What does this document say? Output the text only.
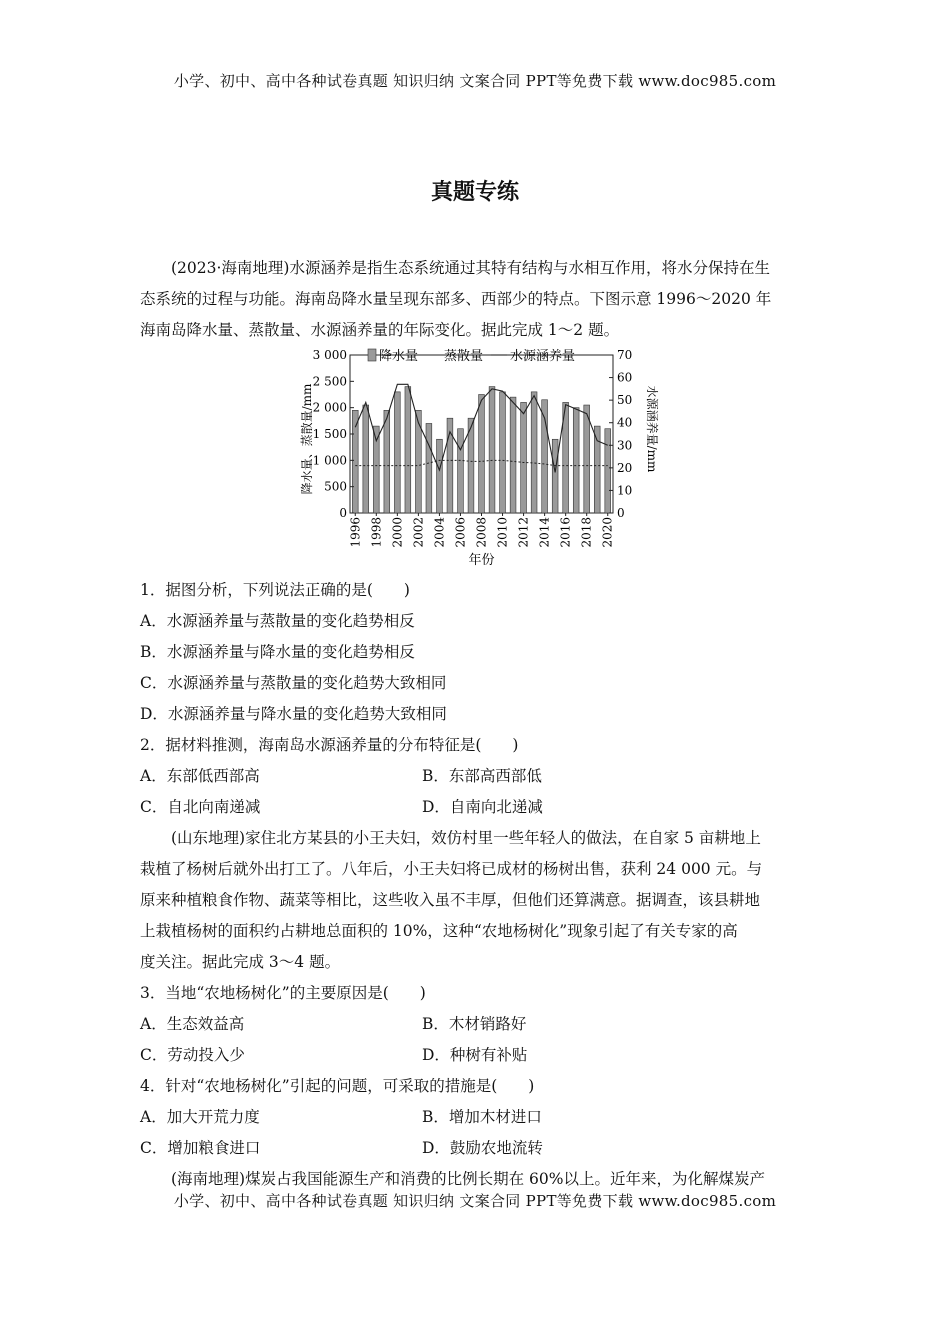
小学、初中、高中各种试卷真题 知识归纳 文案合同 PPT等免费下载 www.doc985.com
真题专练

(2023·海南地理)水源涵养是指生态系统通过其特有结构与水相互作用，将水分保持在生

态系统的过程与功能。海南岛降水量呈现东部多、西部少的特点。下图示意 1996～2020 年

海南岛降水量、蒸散量、水源涵养量的年际变化。据此完成 1～2 题。

0
500
1 000
1 500
2 000
2 500
3 000
0
10
20
30
40
50
60
70
降水量、蒸散量/mm	水源涵养量/mm
1996 1998 2000 2002 2004 2006 2008 2010 2012 2014 2016 2018 2020
年份
降水量 蒸散量 水源涵养量

1．据图分析，下列说法正确的是(　　)

A．水源涵养量与蒸散量的变化趋势相反

B．水源涵养量与降水量的变化趋势相反

C．水源涵养量与蒸散量的变化趋势大致相同

D．水源涵养量与降水量的变化趋势大致相同

2．据材料推测，海南岛水源涵养量的分布特征是(　　)

A．东部低西部高	B．东部高西部低
C．自北向南递减	D．自南向北递减

(山东地理)家住北方某县的小王夫妇，效仿村里一些年轻人的做法，在自家 5 亩耕地上

栽植了杨树后就外出打工了。八年后，小王夫妇将已成材的杨树出售，获利 24 000 元。与

原来种植粮食作物、蔬菜等相比，这些收入虽不丰厚，但他们还算满意。据调查，该县耕地

上栽植杨树的面积约占耕地总面积的 10%，这种“农地杨树化”现象引起了有关专家的高

度关注。据此完成 3～4 题。

3．当地“农地杨树化”的主要原因是(　　)

A．生态效益高	B．木材销路好
C．劳动投入少	D．种树有补贴

4．针对“农地杨树化”引起的问题，可采取的措施是(　　)

A．加大开荒力度	B．增加木材进口
C．增加粮食进口	D．鼓励农地流转

(海南地理)煤炭占我国能源生产和消费的比例长期在 60%以上。近年来，为化解煤炭产

小学、初中、高中各种试卷真题 知识归纳 文案合同 PPT等免费下载 www.doc985.com
